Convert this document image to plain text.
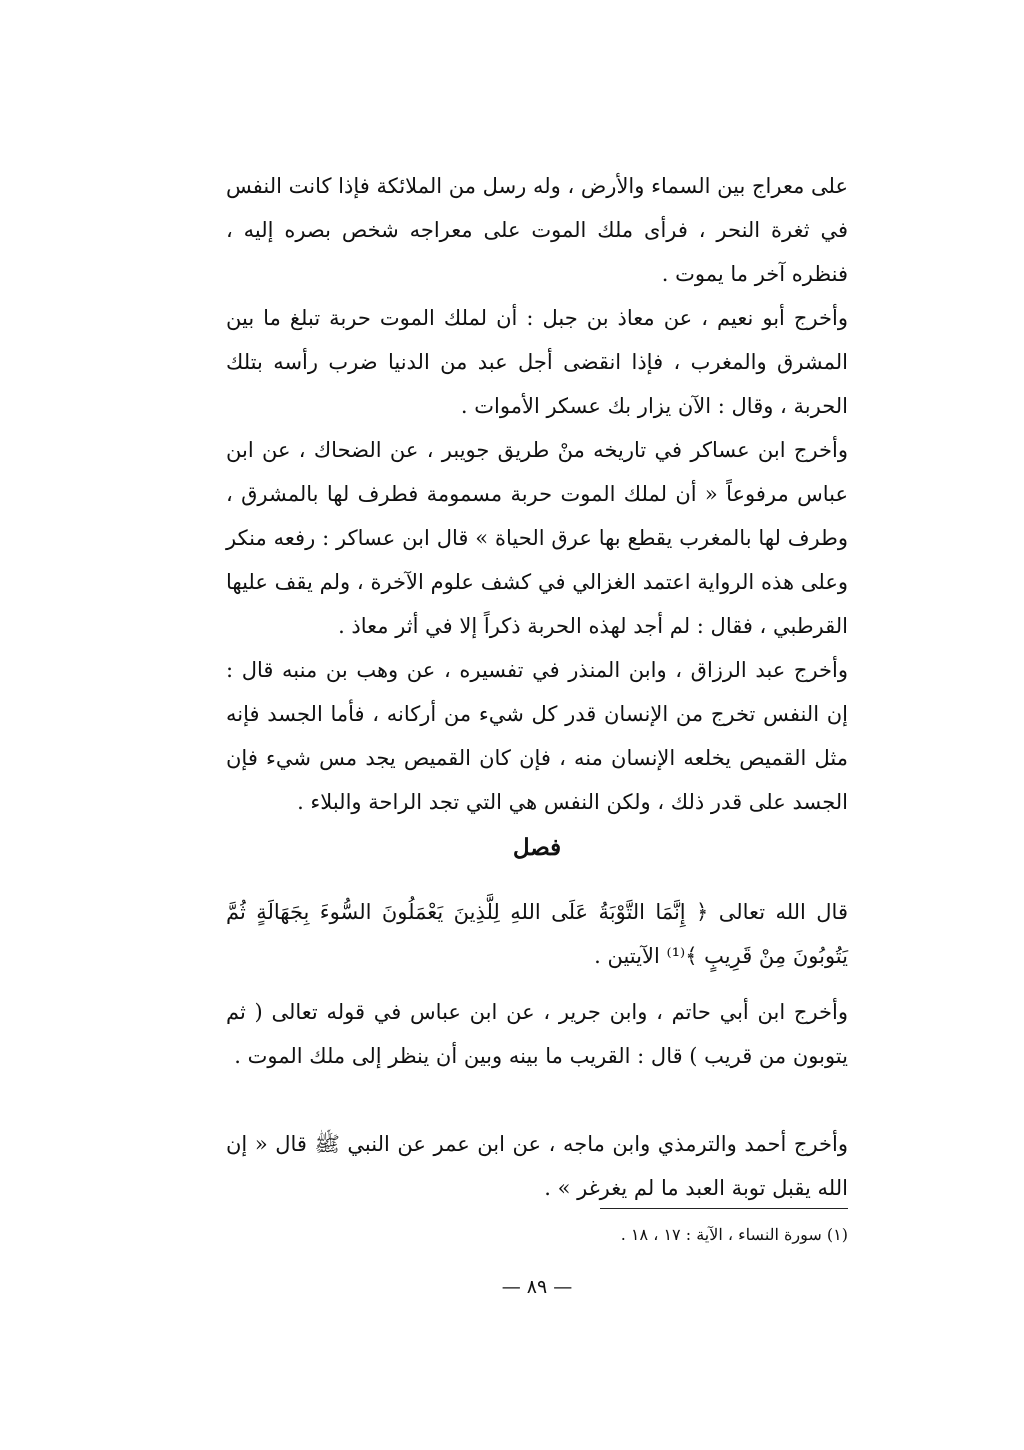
على معراج بين السماء والأرض ، وله رسل من الملائكة فإذا كانت النفس في ثغرة النحر ، فرأى ملك الموت على معراجه شخص بصره إليه ، فنظره آخر ما يموت .

وأخرج أبو نعيم ، عن معاذ بن جبل : أن لملك الموت حربة تبلغ ما بين المشرق والمغرب ، فإذا انقضى أجل عبد من الدنيا ضرب رأسه بتلك الحربة ، وقال : الآن يزار بك عسكر الأموات .

وأخرج ابن عساكر في تاريخه منْ طريق جويبر ، عن الضحاك ، عن ابن عباس مرفوعاً « أن لملك الموت حربة مسمومة فطرف لها بالمشرق ، وطرف لها بالمغرب يقطع بها عرق الحياة » قال ابن عساكر : رفعه منكر وعلى هذه الرواية اعتمد الغزالي في كشف علوم الآخرة ، ولم يقف عليها القرطبي ، فقال : لم أجد لهذه الحربة ذكراً إلا في أثر معاذ .

وأخرج عبد الرزاق ، وابن المنذر في تفسيره ، عن وهب بن منبه قال : إن النفس تخرج من الإنسان قدر كل شيء من أركانه ، فأما الجسد فإنه مثل القميص يخلعه الإنسان منه ، فإن كان القميص يجد مس شيء فإن الجسد على قدر ذلك ، ولكن النفس هي التي تجد الراحة والبلاء .

فصل

قال الله تعالى ﴿ إِنَّمَا التَّوْبَةُ عَلَى اللهِ لِلَّذِينَ يَعْمَلُونَ السُّوءَ بِجَهَالَةٍ ثُمَّ يَتُوبُونَ مِنْ قَرِيبٍ ﴾⁽¹⁾ الآيتين .

وأخرج ابن أبي حاتم ، وابن جرير ، عن ابن عباس في قوله تعالى ( ثم يتوبون من قريب ) قال : القريب ما بينه وبين أن ينظر إلى ملك الموت .

وأخرج أحمد والترمذي وابن ماجه ، عن ابن عمر عن النبي ﷺ قال « إن الله يقبل توبة العبد ما لم يغرغر » .

(١) سورة النساء ، الآية : ١٧ ، ١٨ .

— ٨٩ —
